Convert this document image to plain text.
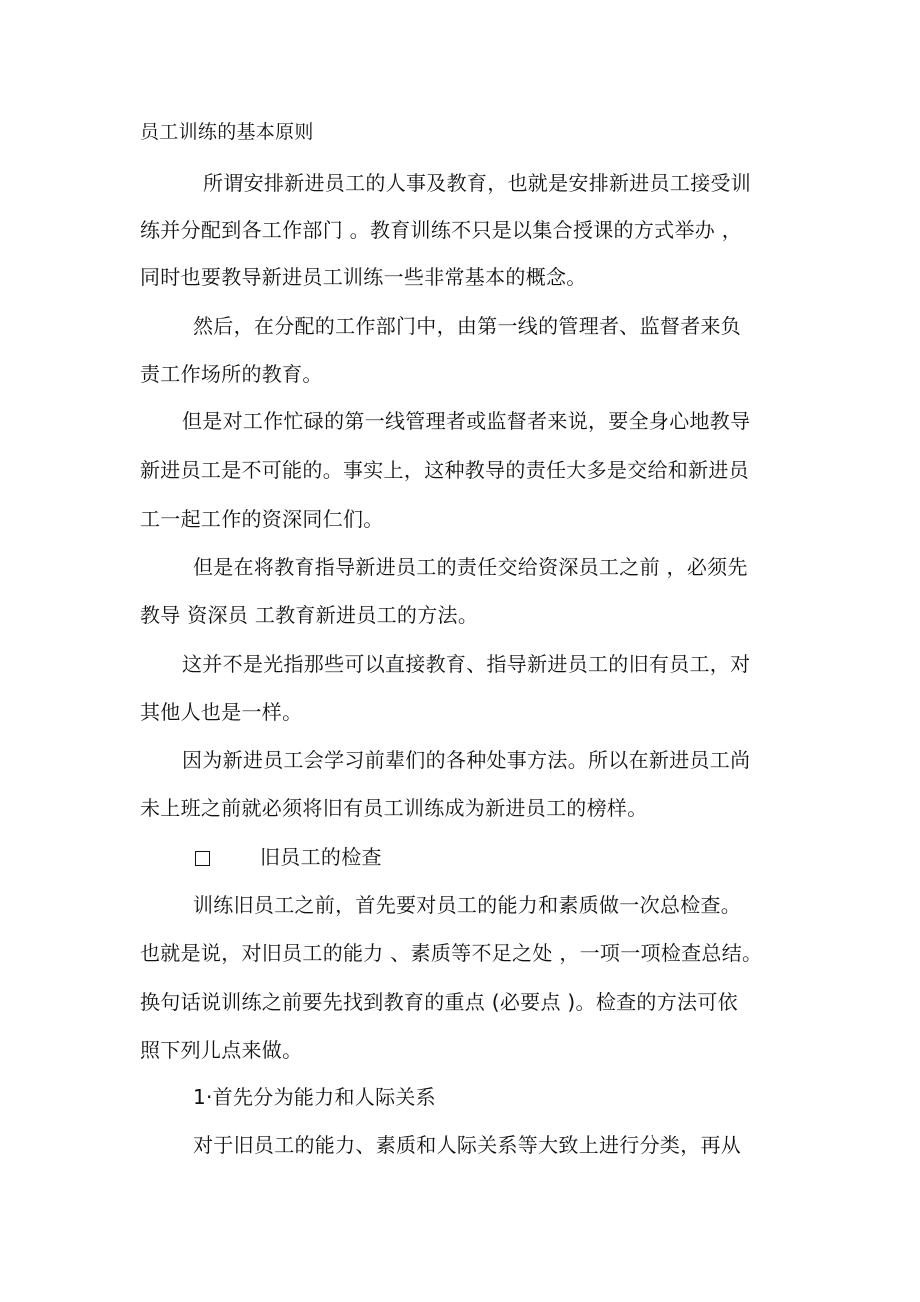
员工训练的基本原则
所谓安排新进员工的人事及教育，也就是安排新进员工接受训
练并分配到各工作部门 。教育训练不只是以集合授课的方式举办 ，
同时也要教导新进员工训练一些非常基本的概念。
然后，在分配的工作部门中，由第一线的管理者、监督者来负
责工作场所的教育。
但是对工作忙碌的第一线管理者或监督者来说，要全身心地教导
新进员工是不可能的。事实上，这种教导的责任大多是交给和新进员
工一起工作的资深同仁们。
但是在将教育指导新进员工的责任交给资深员工之前 ，必须先
教导 资深员 工教育新进员工的方法。
这并不是光指那些可以直接教育、指导新进员工的旧有员工，对
其他人也是一样。
因为新进员工会学习前辈们的各种处事方法。所以在新进员工尚
未上班之前就必须将旧有员工训练成为新进员工的榜样。
旧员工的检查
训练旧员工之前，首先要对员工的能力和素质做一次总检查。
也就是说，对旧员工的能力 、素质等不足之处 ，一项一项检查总结。
换句话说训练之前要先找到教育的重点 (必要点 )。检查的方法可依
照下列儿点来做。
1·首先分为能力和人际关系
对于旧员工的能力、素质和人际关系等大致上进行分类，再从
